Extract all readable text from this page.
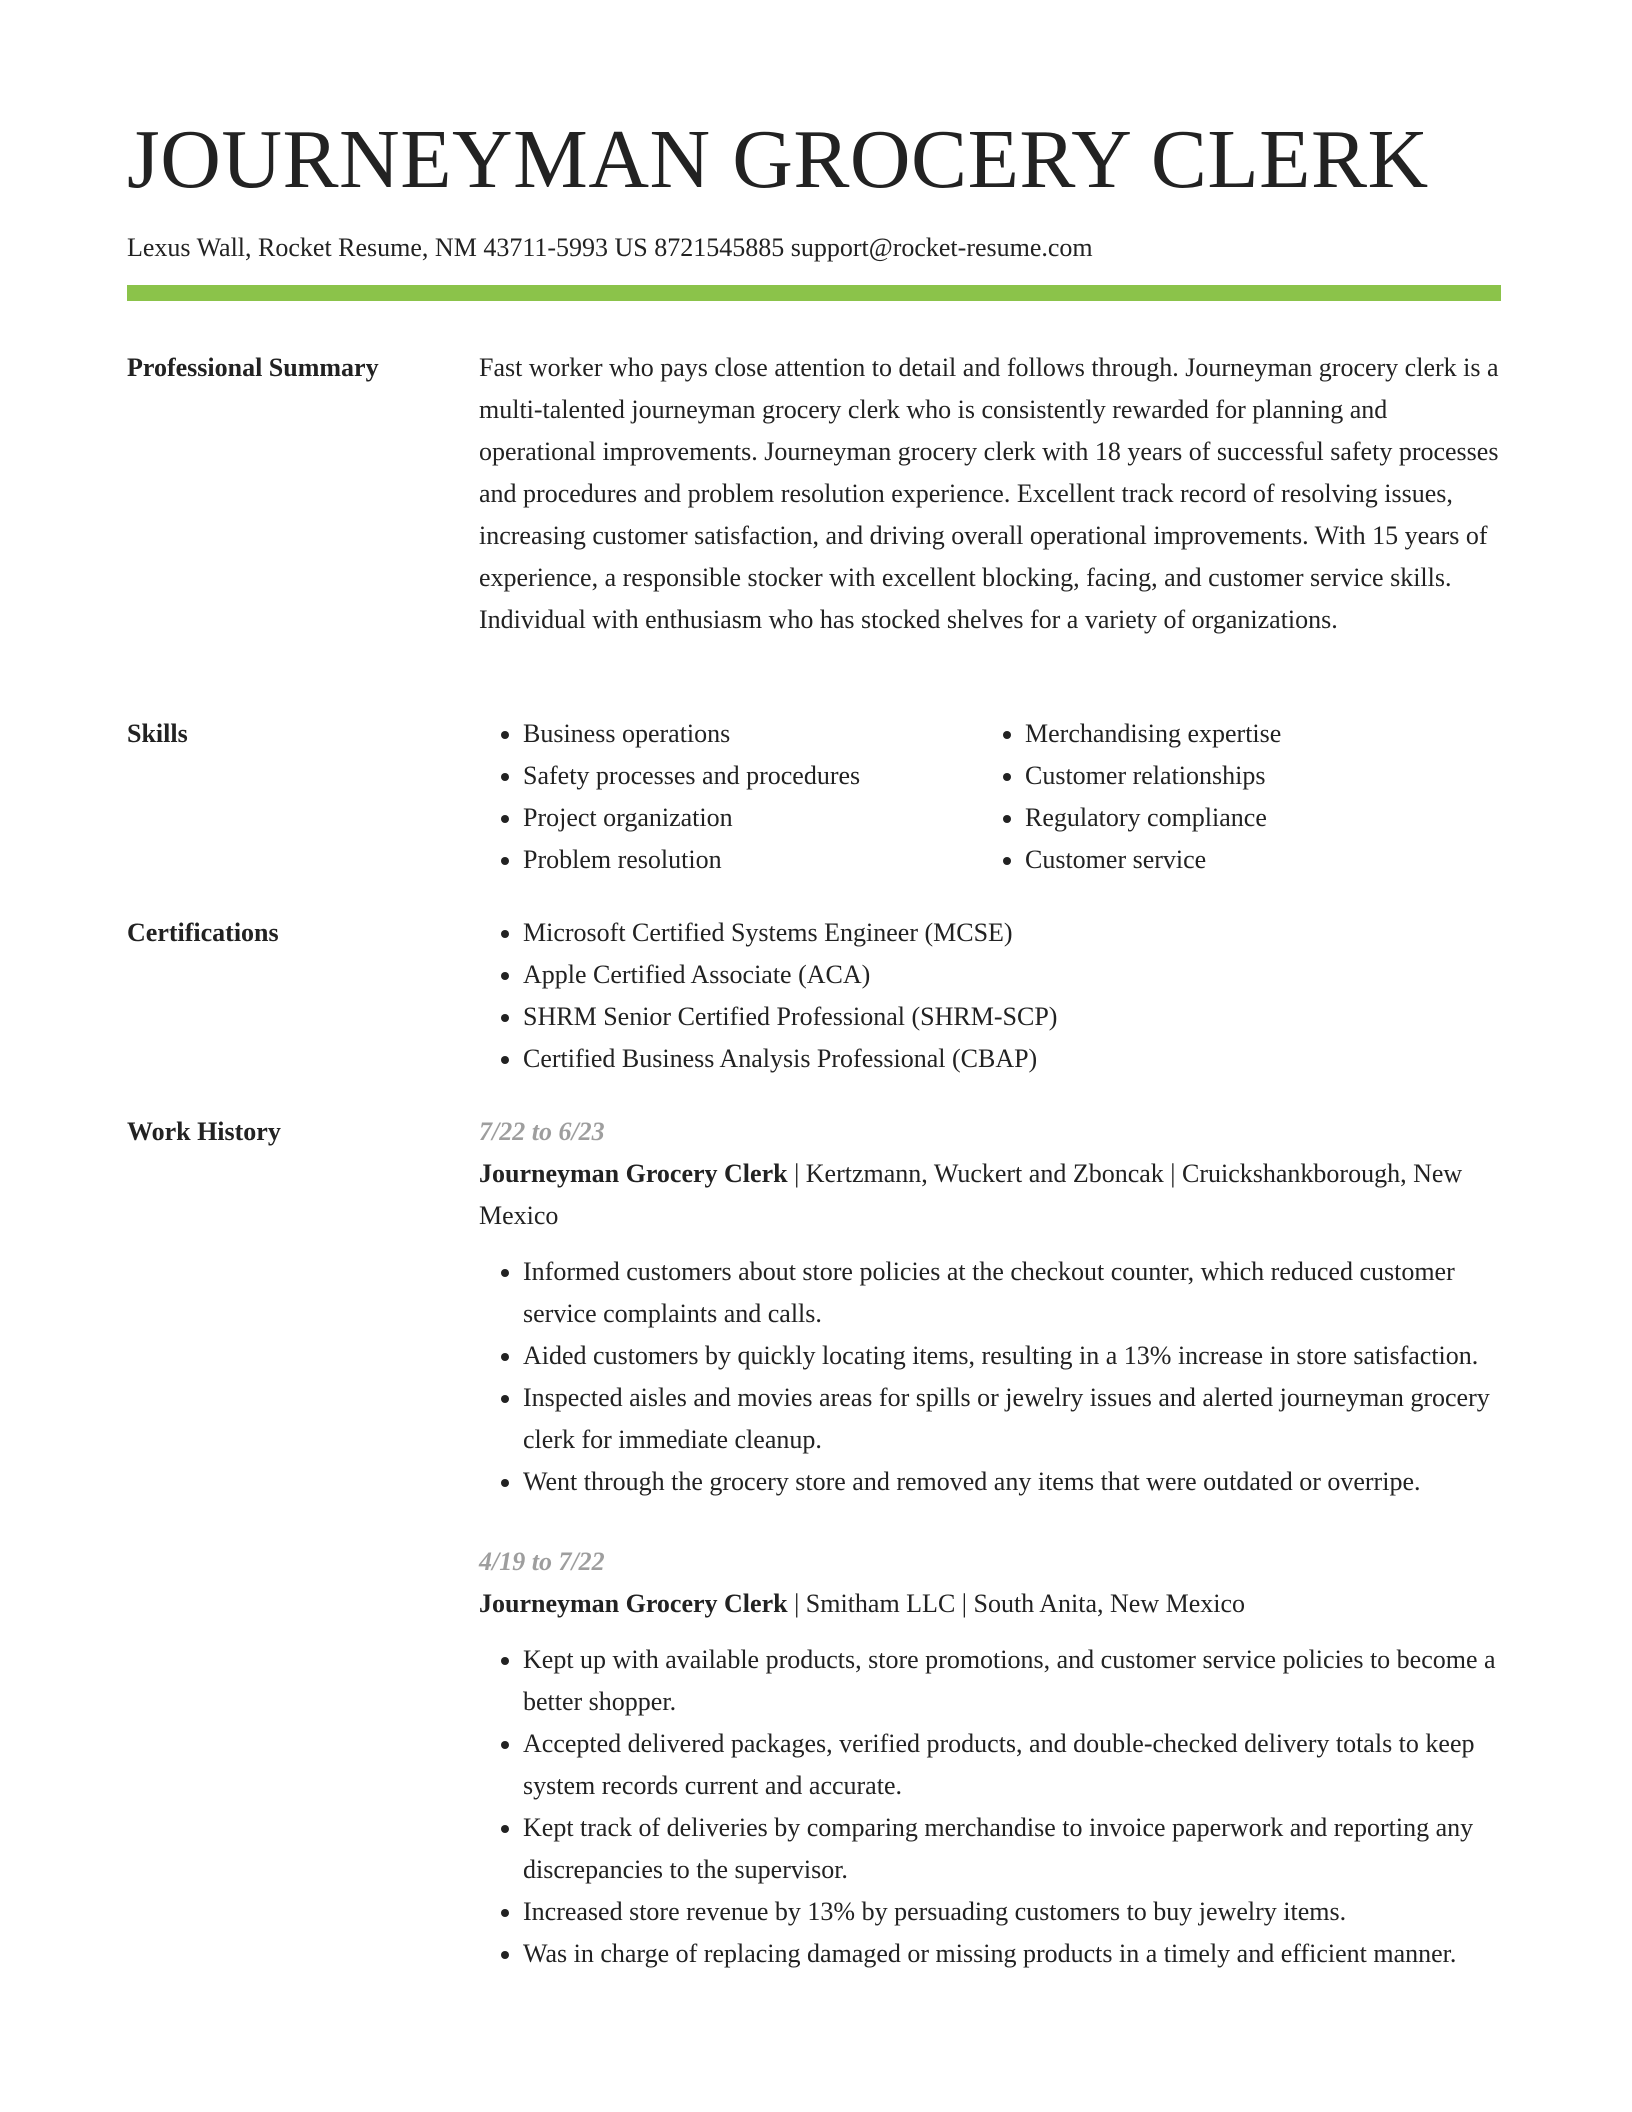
JOURNEYMAN GROCERY CLERK
Lexus Wall, Rocket Resume, NM 43711-5993 US 8721545885 support@rocket-resume.com
Professional Summary	Fast worker who pays close attention to detail and follows through. Journeyman grocery clerk is a multi-talented journeyman grocery clerk who is consistently rewarded for planning and operational improvements. Journeyman grocery clerk with 18 years of successful safety processes and procedures and problem resolution experience. Excellent track record of resolving issues, increasing customer satisfaction, and driving overall operational improvements. With 15 years of experience, a responsible stocker with excellent blocking, facing, and customer service skills. Individual with enthusiasm who has stocked shelves for a variety of organizations.

Skills	• Business operations
• Safety processes and procedures
• Project organization
• Problem resolution
• Merchandising expertise
• Customer relationships
• Regulatory compliance
• Customer service
Certifications	• Microsoft Certified Systems Engineer (MCSE)
• Apple Certified Associate (ACA)
• SHRM Senior Certified Professional (SHRM-SCP)
• Certified Business Analysis Professional (CBAP)
Work History	7/22 to 6/23
Journeyman Grocery Clerk | Kertzmann, Wuckert and Zboncak | Cruickshankborough, New Mexico
• Informed customers about store policies at the checkout counter, which reduced customer service complaints and calls.
• Aided customers by quickly locating items, resulting in a 13% increase in store satisfaction.
• Inspected aisles and movies areas for spills or jewelry issues and alerted journeyman grocery clerk for immediate cleanup.
• Went through the grocery store and removed any items that were outdated or overripe.
4/19 to 7/22
Journeyman Grocery Clerk | Smitham LLC | South Anita, New Mexico
• Kept up with available products, store promotions, and customer service policies to become a better shopper.
• Accepted delivered packages, verified products, and double-checked delivery totals to keep system records current and accurate.
• Kept track of deliveries by comparing merchandise to invoice paperwork and reporting any discrepancies to the supervisor.
• Increased store revenue by 13% by persuading customers to buy jewelry items.
• Was in charge of replacing damaged or missing products in a timely and efficient manner.
